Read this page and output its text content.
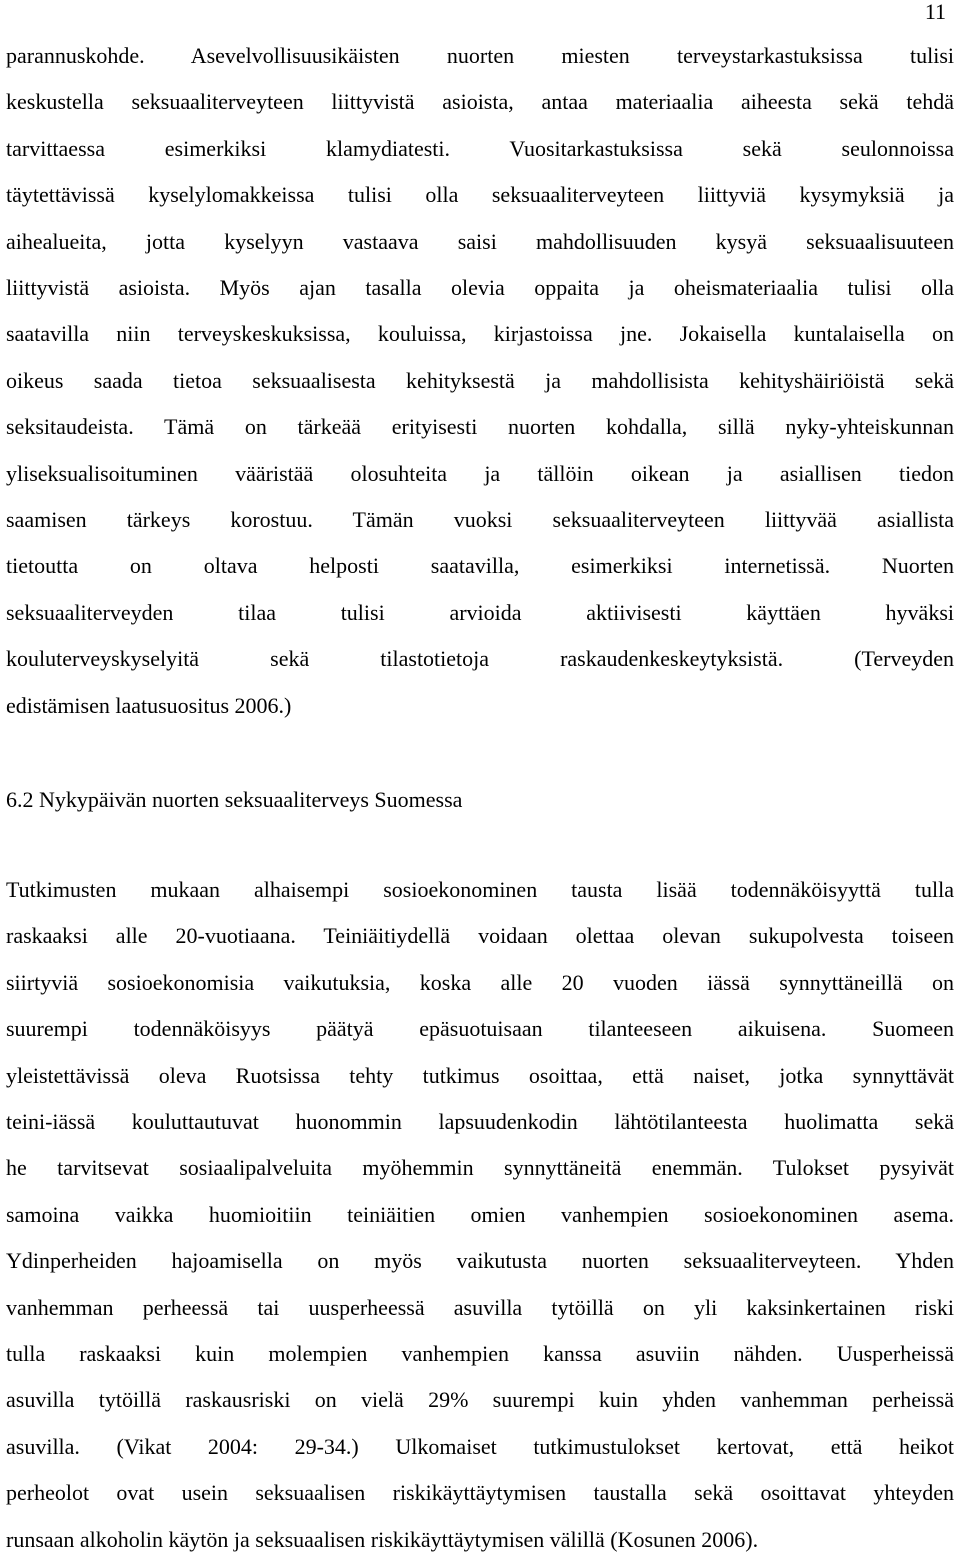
11

parannuskohde. Asevelvollisuusikäisten nuorten miesten terveystarkastuksissa tulisi
keskustella seksuaaliterveyteen liittyvistä asioista, antaa materiaalia aiheesta sekä tehdä
tarvittaessa esimerkiksi klamydiatesti. Vuositarkastuksissa sekä seulonnoissa
täytettävissä kyselylomakkeissa tulisi olla seksuaaliterveyteen liittyviä kysymyksiä ja
aihealueita, jotta kyselyyn vastaava saisi mahdollisuuden kysyä seksuaalisuuteen
liittyvistä asioista. Myös ajan tasalla olevia oppaita ja oheismateriaalia tulisi olla
saatavilla niin terveyskeskuksissa, kouluissa, kirjastoissa jne. Jokaisella kuntalaisella on
oikeus saada tietoa seksuaalisesta kehityksestä ja mahdollisista kehityshäiriöistä sekä
seksitaudeista. Tämä on tärkeää erityisesti nuorten kohdalla, sillä nyky-yhteiskunnan
yliseksualisoituminen vääristää olosuhteita ja tällöin oikean ja asiallisen tiedon
saamisen tärkeys korostuu. Tämän vuoksi seksuaaliterveyteen liittyvää asiallista
tietoutta on oltava helposti saatavilla, esimerkiksi internetissä. Nuorten
seksuaaliterveyden tilaa tulisi arvioida aktiivisesti käyttäen hyväksi
kouluterveyskyselyitä sekä tilastotietoja raskaudenkeskeytyksistä. (Terveyden
edistämisen laatusuositus 2006.)

6.2 Nykypäivän nuorten seksuaaliterveys Suomessa

Tutkimusten mukaan alhaisempi sosioekonominen tausta lisää todennäköisyyttä tulla
raskaaksi alle 20-vuotiaana. Teiniäitiydellä voidaan olettaa olevan sukupolvesta toiseen
siirtyviä sosioekonomisia vaikutuksia, koska alle 20 vuoden iässä synnyttäneillä on
suurempi todennäköisyys päätyä epäsuotuisaan tilanteeseen aikuisena. Suomeen
yleistettävissä oleva Ruotsissa tehty tutkimus osoittaa, että naiset, jotka synnyttävät
teini-iässä kouluttautuvat huonommin lapsuudenkodin lähtötilanteesta huolimatta sekä
he tarvitsevat sosiaalipalveluita myöhemmin synnyttäneitä enemmän. Tulokset pysyivät
samoina vaikka huomioitiin teiniäitien omien vanhempien sosioekonominen asema.
Ydinperheiden hajoamisella on myös vaikutusta nuorten seksuaaliterveyteen. Yhden
vanhemman perheessä tai uusperheessä asuvilla tytöillä on yli kaksinkertainen riski
tulla raskaaksi kuin molempien vanhempien kanssa asuviin nähden. Uusperheissä
asuvilla tytöillä raskausriski on vielä 29% suurempi kuin yhden vanhemman perheissä
asuvilla. (Vikat 2004: 29-34.) Ulkomaiset tutkimustulokset kertovat, että heikot
perheolot ovat usein seksuaalisen riskikäyttäytymisen taustalla sekä osoittavat yhteyden
runsaan alkoholin käytön ja seksuaalisen riskikäyttäytymisen välillä (Kosunen 2006).
